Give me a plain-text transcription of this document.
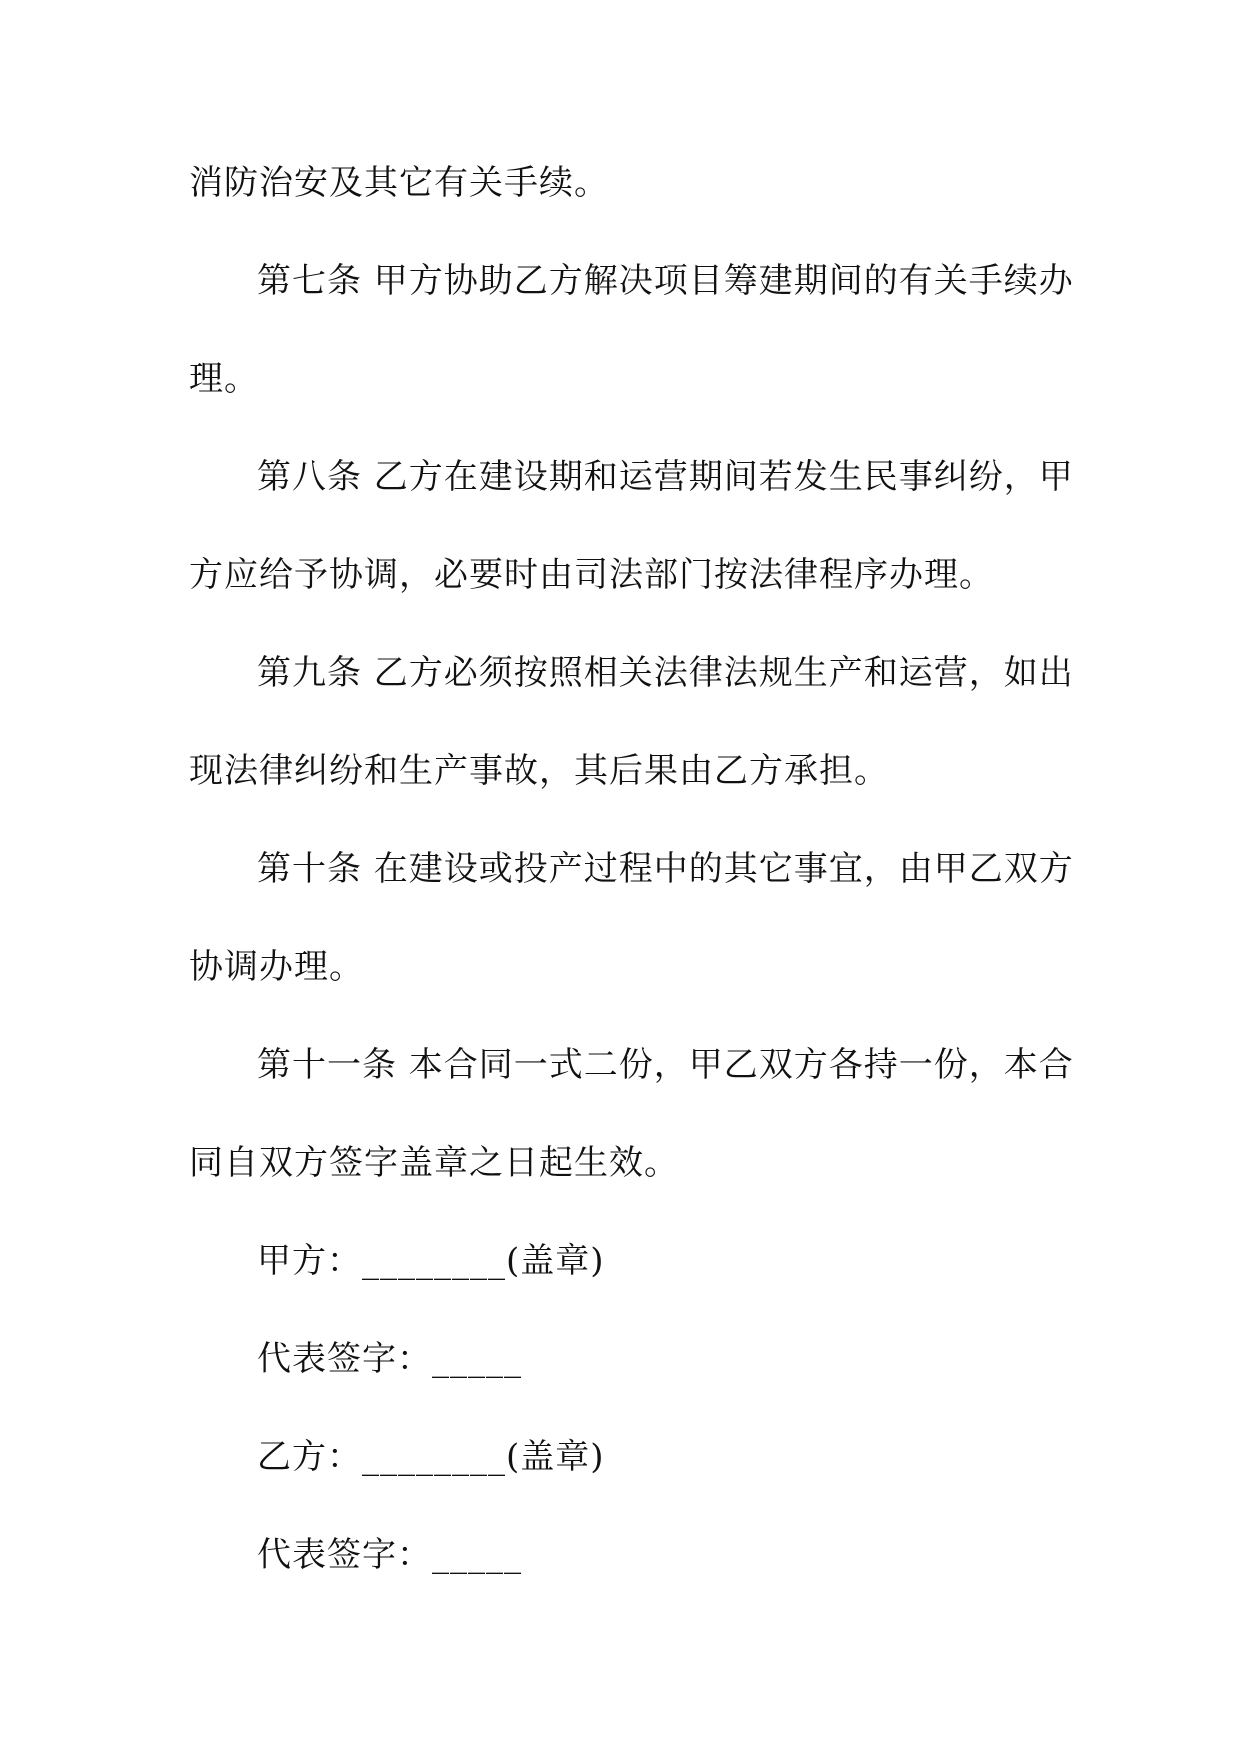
消防治安及其它有关手续。
第七条 甲方协助乙方解决项目筹建期间的有关手续办
理。
第八条 乙方在建设期和运营期间若发生民事纠纷，甲
方应给予协调，必要时由司法部门按法律程序办理。
第九条 乙方必须按照相关法律法规生产和运营，如出
现法律纠纷和生产事故，其后果由乙方承担。
第十条 在建设或投产过程中的其它事宜，由甲乙双方
协调办理。
第十一条 本合同一式二份，甲乙双方各持一份，本合
同自双方签字盖章之日起生效。
甲方：________(盖章)
代表签字：_____
乙方：________(盖章)
代表签字：_____
